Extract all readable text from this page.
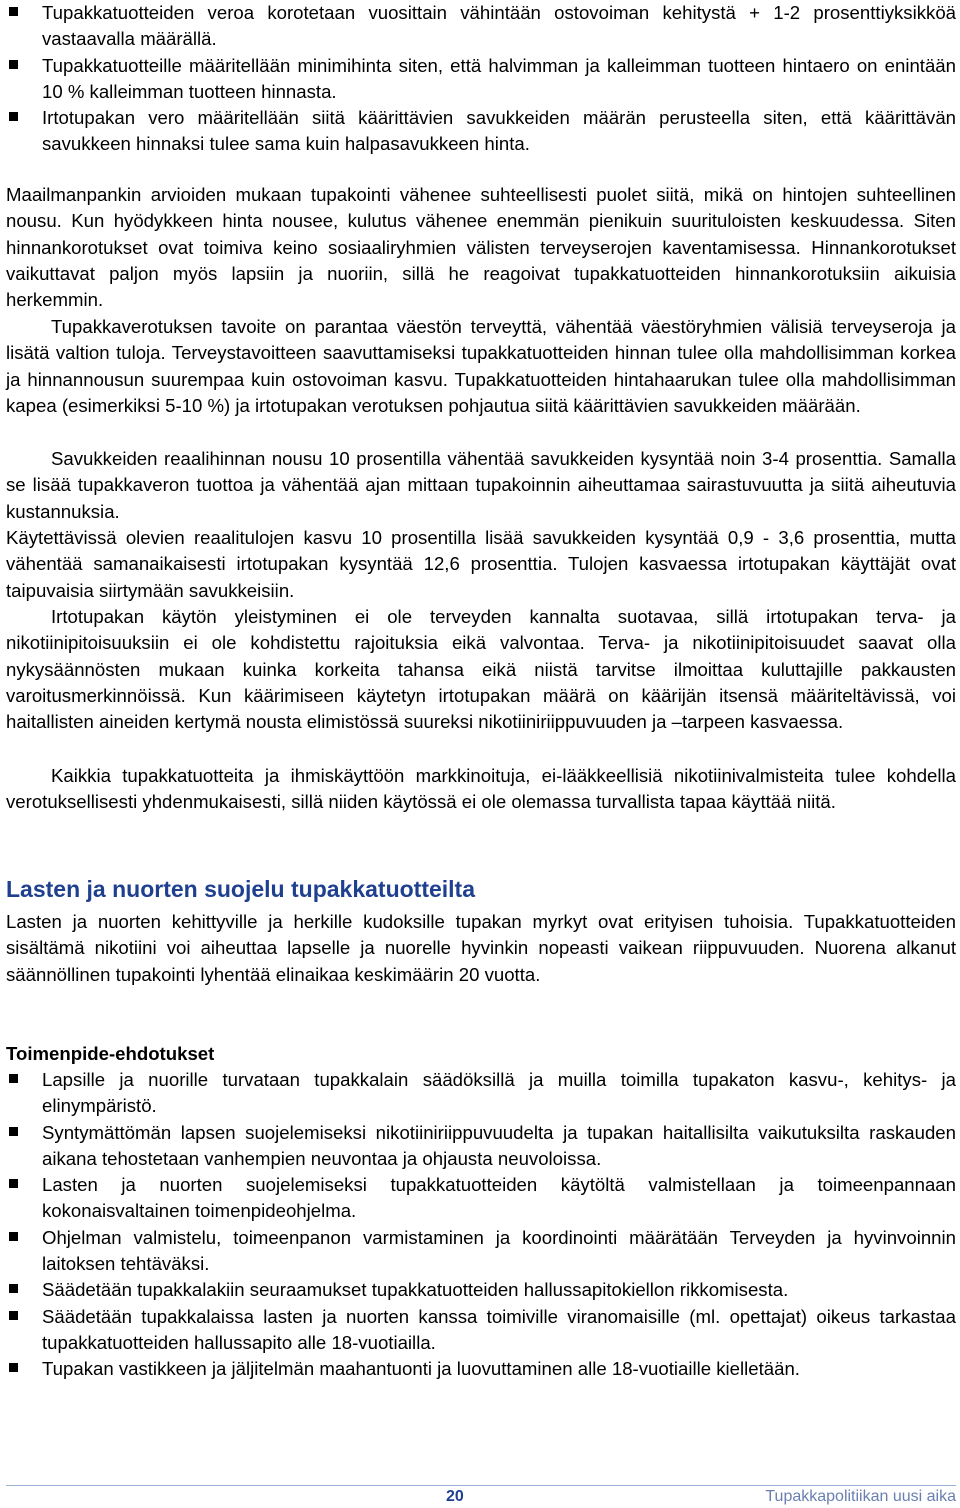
Tupakkatuotteiden veroa korotetaan vuosittain vähintään ostovoiman kehitystä + 1-2 prosenttiyksikköä vastaavalla määrällä.
Tupakkatuotteille määritellään minimihinta siten, että halvimman ja kalleimman tuotteen hintaero on enintään 10 % kalleimman tuotteen hinnasta.
Irtotupakan vero määritellään siitä käärittävien savukkeiden määrän perusteella siten, että käärittävän savukkeen hinnaksi tulee sama kuin halpasavukkeen hinta.

Maailmanpankin arvioiden mukaan tupakointi vähenee suhteellisesti puolet siitä, mikä on hintojen suhteellinen nousu. Kun hyödykkeen hinta nousee, kulutus vähenee enemmän pienikuin suurituloisten keskuudessa. Siten hinnankorotukset ovat toimiva keino sosiaaliryhmien välisten terveyserojen kaventamisessa. Hinnankorotukset vaikuttavat paljon myös lapsiin ja nuoriin, sillä he reagoivat tupakkatuotteiden hinnankorotuksiin aikuisia herkemmin.

Tupakkaverotuksen tavoite on parantaa väestön terveyttä, vähentää väestöryhmien välisiä terveyseroja ja lisätä valtion tuloja. Terveystavoitteen saavuttamiseksi tupakkatuotteiden hinnan tulee olla mahdollisimman korkea ja hinnannousun suurempaa kuin ostovoiman kasvu. Tupakkatuotteiden hintahaarukan tulee olla mahdollisimman kapea (esimerkiksi 5-10 %) ja irtotupakan verotuksen pohjautua siitä käärittävien savukkeiden määrään.

Savukkeiden reaalihinnan nousu 10 prosentilla vähentää savukkeiden kysyntää noin 3-4 prosenttia. Samalla se lisää tupakkaveron tuottoa ja vähentää ajan mittaan tupakoinnin aiheuttamaa sairastuvuutta ja siitä aiheutuvia kustannuksia.

Käytettävissä olevien reaalitulojen kasvu 10 prosentilla lisää savukkeiden kysyntää 0,9 - 3,6 prosenttia, mutta vähentää samanaikaisesti irtotupakan kysyntää 12,6 prosenttia. Tulojen kasvaessa irtotupakan käyttäjät ovat taipuvaisia siirtymään savukkeisiin.

Irtotupakan käytön yleistyminen ei ole terveyden kannalta suotavaa, sillä irtotupakan terva- ja nikotiinipitoisuuksiin ei ole kohdistettu rajoituksia eikä valvontaa. Terva- ja nikotiinipitoisuudet saavat olla nykysäännösten mukaan kuinka korkeita tahansa eikä niistä tarvitse ilmoittaa kuluttajille pakkausten varoitusmerkinnöissä. Kun käärimiseen käytetyn irtotupakan määrä on käärijän itsensä määriteltävissä, voi haitallisten aineiden kertymä nousta elimistössä suureksi nikotiiniriippuvuuden ja –tarpeen kasvaessa.

Kaikkia tupakkatuotteita ja ihmiskäyttöön markkinoituja, ei-lääkkeellisiä nikotiinivalmisteita tulee kohdella verotuksellisesti yhdenmukaisesti, sillä niiden käytössä ei ole olemassa turvallista tapaa käyttää niitä.

Lasten ja nuorten suojelu tupakkatuotteilta

Lasten ja nuorten kehittyville ja herkille kudoksille tupakan myrkyt ovat erityisen tuhoisia. Tupakkatuotteiden sisältämä nikotiini voi aiheuttaa lapselle ja nuorelle hyvinkin nopeasti vaikean riippuvuuden. Nuorena alkanut säännöllinen tupakointi lyhentää elinaikaa keskimäärin 20 vuotta.

Toimenpide-ehdotukset
Lapsille ja nuorille turvataan tupakkalain säädöksillä ja muilla toimilla tupakaton kasvu-, kehitys- ja elinympäristö.
Syntymättömän lapsen suojelemiseksi nikotiiniriippuvuudelta ja tupakan haitallisilta vaikutuksilta raskauden aikana tehostetaan vanhempien neuvontaa ja ohjausta neuvoloissa.
Lasten ja nuorten suojelemiseksi tupakkatuotteiden käytöltä valmistellaan ja toimeenpannaan kokonaisvaltainen toimenpideohjelma.
Ohjelman valmistelu, toimeenpanon varmistaminen ja koordinointi määrätään Terveyden ja hyvinvoinnin laitoksen tehtäväksi.
Säädetään tupakkalakiin seuraamukset tupakkatuotteiden hallussapitokiellon rikkomisesta.
Säädetään tupakkalaissa lasten ja nuorten kanssa toimiville viranomaisille (ml. opettajat) oikeus tarkastaa tupakkatuotteiden hallussapito alle 18-vuotiailla.
Tupakan vastikkeen ja jäljitelmän maahantuonti ja luovuttaminen alle 18-vuotiaille kielletään.
20	Tupakkapolitiikan uusi aika
